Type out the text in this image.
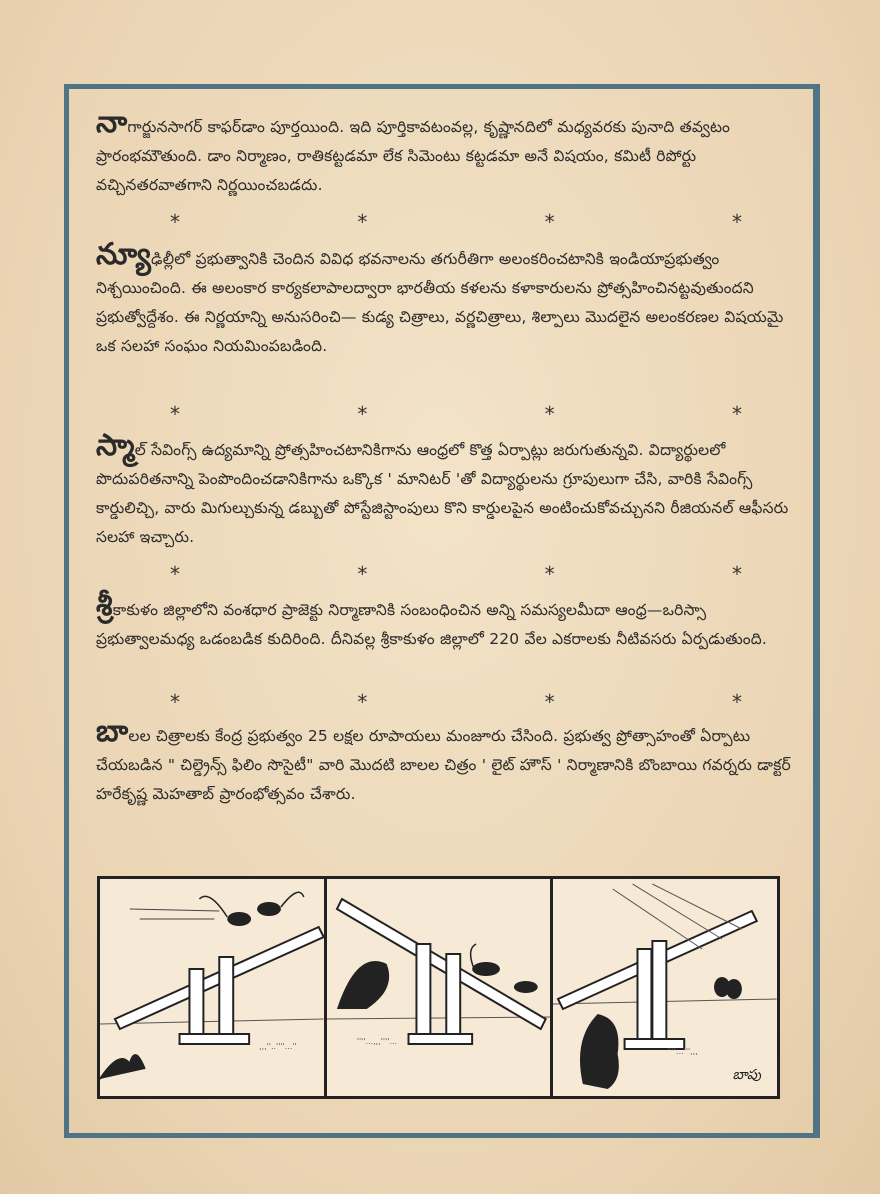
నాగార్జునసాగర్ కాఫర్‌డాం పూర్తయింది. ఇది పూర్తికావటంవల్ల, కృష్ణానదిలో మధ్యవరకు పునాది తవ్వటం ప్రారంభమౌతుంది. డాం నిర్మాణం, రాతికట్టడమా లేక సిమెంటు కట్టడమా అనే విషయం, కమిటీ రిపోర్టు వచ్చినతరవాతగాని నిర్ణయించబడదు.
*	*	*	*
న్యూఢిల్లీలో ప్రభుత్వానికి చెందిన వివిధ భవనాలను తగురీతిగా అలంకరించటానికి ఇండియాప్రభుత్వం నిశ్చయించింది. ఈ అలంకార కార్యకలాపాలద్వారా భారతీయ కళలను కళాకారులను ప్రోత్సహించినట్టవుతుందని ప్రభుత్వోద్దేశం. ఈ నిర్ణయాన్ని అనుసరించి— కుడ్య చిత్రాలు, వర్ణచిత్రాలు, శిల్పాలు మొదలైన అలంకరణల విషయమై ఒక సలహా సంఘం నియమింపబడింది.
*	*	*	*
స్మాల్ సేవింగ్స్ ఉద్యమాన్ని ప్రోత్సహించటానికిగాను ఆంధ్రలో కొత్త ఏర్పాట్లు జరుగుతున్నవి. విద్యార్థులలో పొదుపరితనాన్ని పెంపొందించడానికిగాను ఒక్కొక ' మానిటర్ 'తో విద్యార్థులను గ్రూపులుగా చేసి, వారికి సేవింగ్స్ కార్డులిచ్చి, వారు మిగుల్చుకున్న డబ్బుతో పోస్టేజిస్టాంపులు కొని కార్డులపైన అంటించుకోవచ్చునని రీజియనల్ ఆఫీసరు సలహా ఇచ్చారు.
*	*	*	*
శ్రీకాకుళం జిల్లాలోని వంశధార ప్రాజెక్టు నిర్మాణానికి సంబంధించిన అన్ని సమస్యలమీదా ఆంధ్ర—ఒరిస్సా ప్రభుత్వాలమధ్య ఒడంబడిక కుదిరింది. దీనివల్ల శ్రీకాకుళం జిల్లాలో 220 వేల ఎకరాలకు నీటివసరు ఏర్పడుతుంది.
*	*	*	*
బాలల చిత్రాలకు కేంద్ర ప్రభుత్వం 25 లక్షల రూపాయలు మంజూరు చేసింది. ప్రభుత్వ ప్రోత్సాహంతో ఏర్పాటు చేయబడిన " చిల్డ్రెన్స్ ఫిలిం సొసైటీ" వారి మొదటి బాలల చిత్రం ' లైట్ హౌస్ ' నిర్మాణానికి బొంబాయి గవర్నరు డాక్టర్ హరేకృష్ణ మెహతాబ్ ప్రారంభోత్సవం చేశారు.
,,,''..''''...''
''''...,,,''''...
''''...''',,,
బాపు
